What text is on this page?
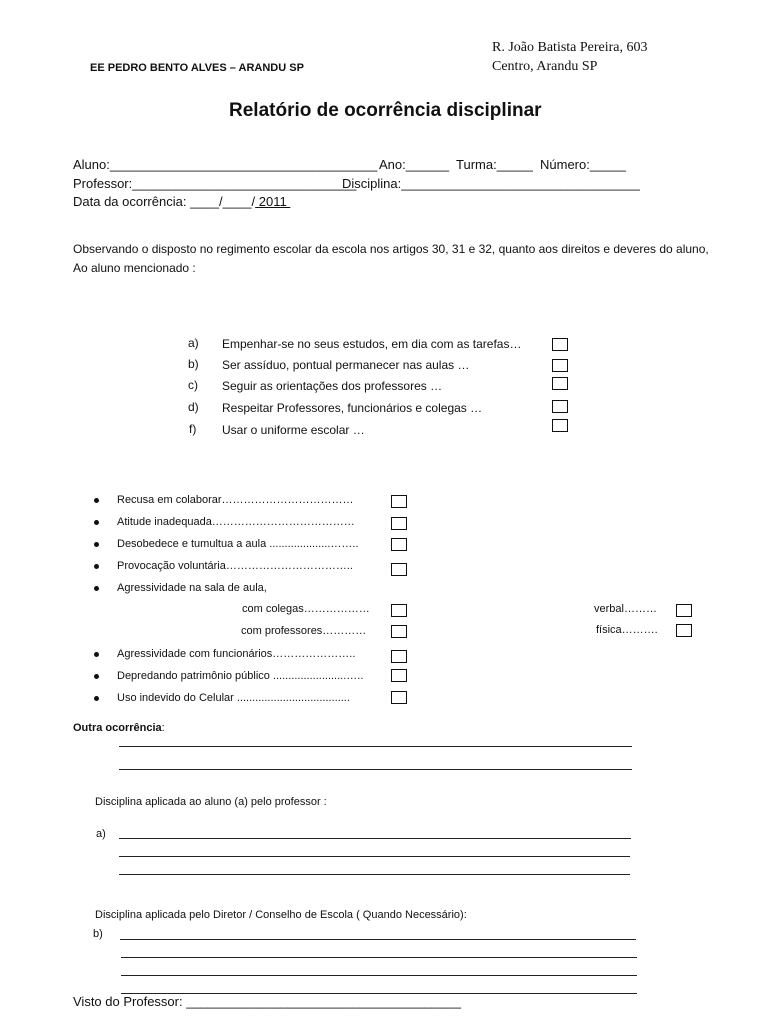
R. João Batista Pereira, 603
Centro, Arandu SP
EE PEDRO BENTO ALVES – ARANDU SP
Relatório de ocorrência disciplinar
Aluno:_____________________________________ Ano:______ Turma:_____ Número:_____
Professor:_______________________________
Disciplina:_________________________________
Data da ocorrência: ____/____/ 2011
Observando o disposto no regimento escolar da escola nos artigos 30, 31 e 32, quanto aos direitos e deveres do aluno,
Ao aluno mencionado :
a) Empenhar-se no seus estudos, em dia com as tarefas…
b) Ser assíduo, pontual permanecer nas aulas …
c) Seguir as orientações dos professores …
d) Respeitar Professores, funcionários e colegas …
f) Usar o uniforme escolar …
Recusa em colaborar………………………………
Atitude inadequada…………………………………
Desobedece e tumultua a aula ....................……..
Provocação voluntária……………………………..
Agressividade na sala de aula,
com colegas………………	verbal………
com professores…………	física……….
Agressividade com funcionários…………………..
Depredando patrimônio público ........................…..
Uso indevido do Celular .....................................
Outra ocorrência:
Disciplina aplicada ao aluno (a) pelo professor :
a)
Disciplina aplicada pelo Diretor / Conselho de Escola ( Quando Necessário):
b)
Visto do Professor: ______________________________________
